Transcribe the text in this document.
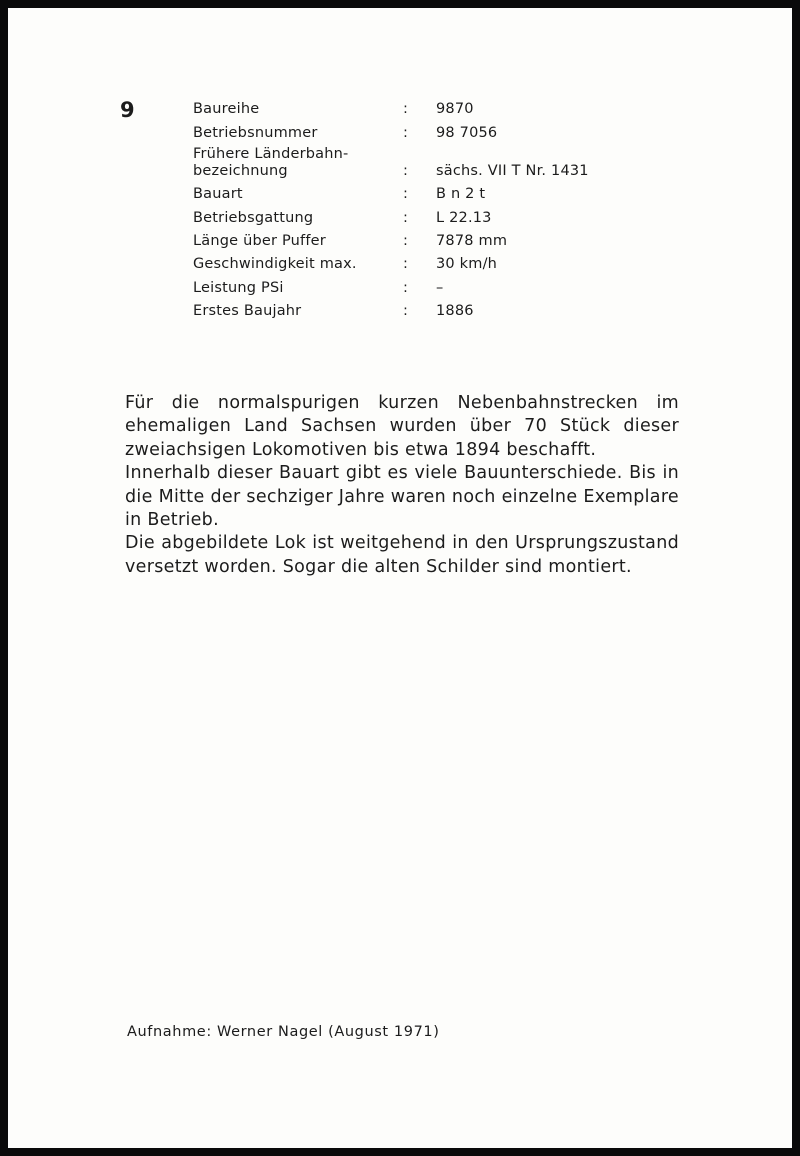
9	Baureihe	: 9870
Betriebsnummer	: 98 7056
Frühere Länderbahn-
bezeichnung	: sächs. VII T Nr. 1431
Bauart	: B n 2 t
Betriebsgattung	: L 22.13
Länge über Puffer	: 7878 mm
Geschwindigkeit max.	: 30 km/h
Leistung PSi	: –
Erstes Baujahr	: 1886

Für die normalspurigen kurzen Nebenbahnstrecken im ehemaligen Land Sachsen wurden über 70 Stück dieser zweiachsigen Lokomotiven bis etwa 1894 beschafft.

Innerhalb dieser Bauart gibt es viele Bauunterschiede. Bis in die Mitte der sechziger Jahre waren noch einzelne Exemplare in Betrieb.

Die abgebildete Lok ist weitgehend in den Ursprungszustand versetzt worden. Sogar die alten Schilder sind montiert.

Aufnahme: Werner Nagel (August 1971)
